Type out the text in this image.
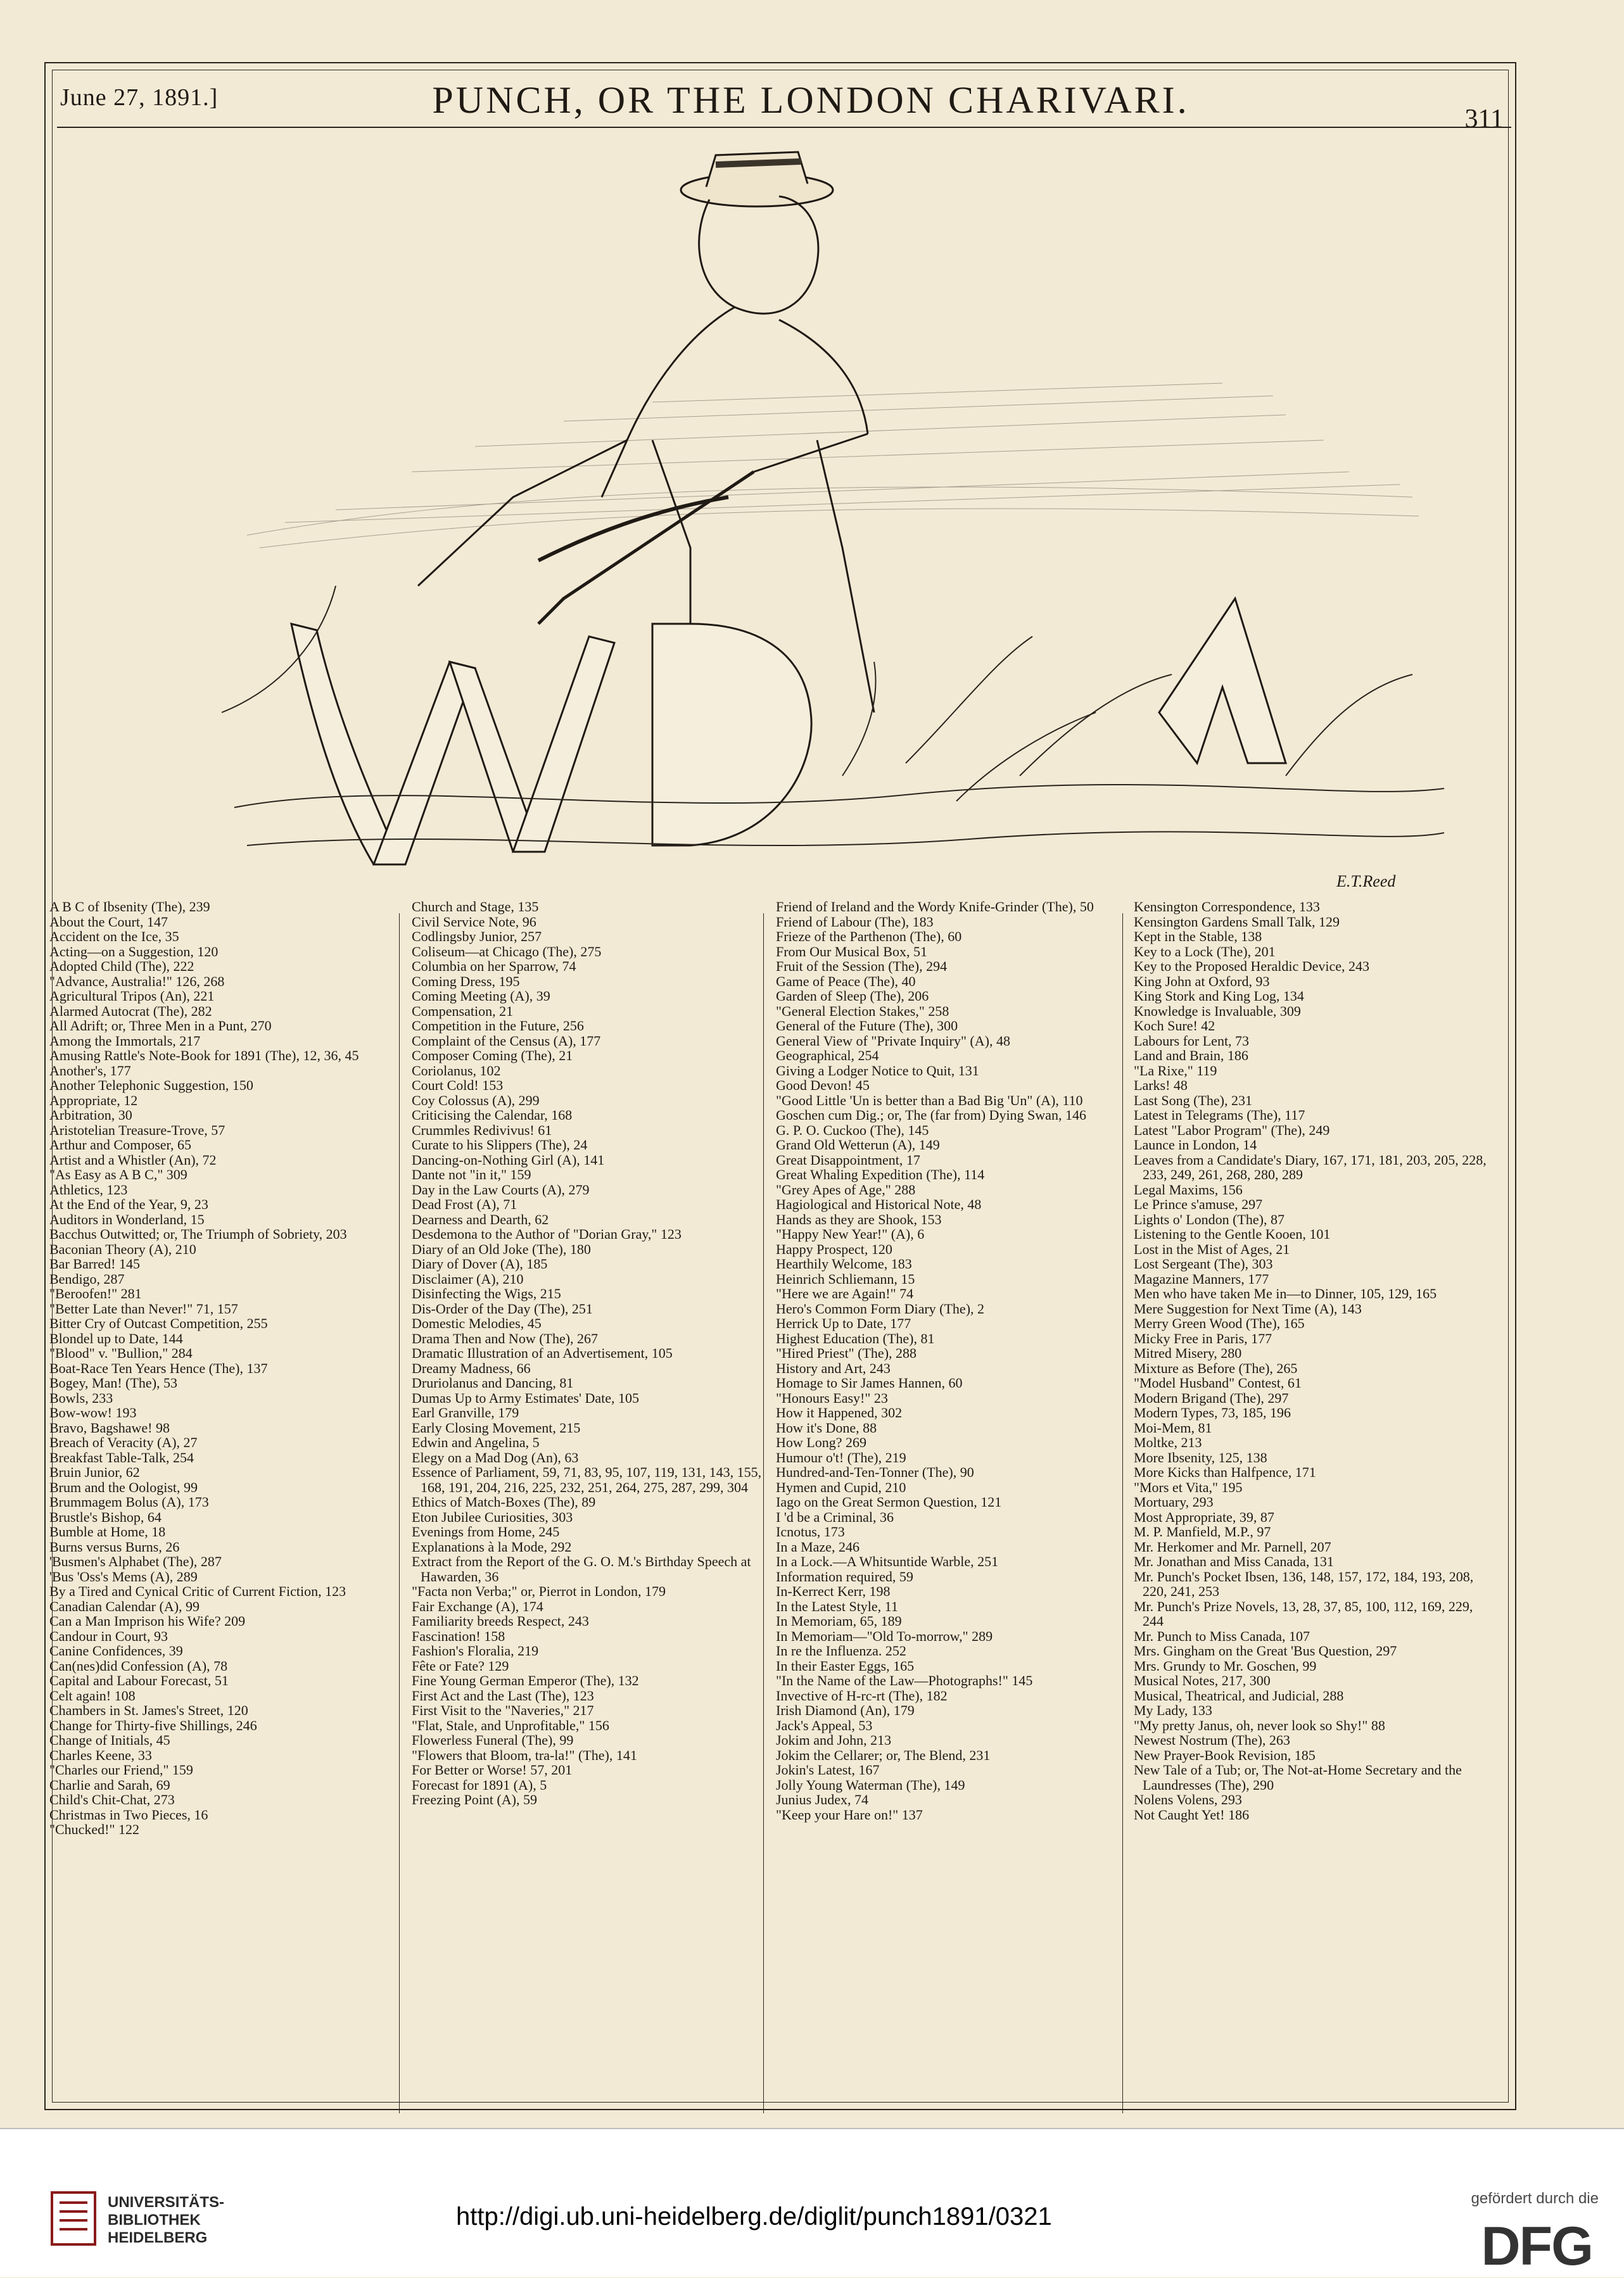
June 27, 1891.]	PUNCH, OR THE LONDON CHARIVARI.	311
E.T.Reed
A B C of Ibsenity (The), 239
About the Court, 147
Accident on the Ice, 35
Acting—on a Suggestion, 120
Adopted Child (The), 222
"Advance, Australia!" 126, 268
Agricultural Tripos (An), 221
Alarmed Autocrat (The), 282
All Adrift; or, Three Men in a Punt, 270
Among the Immortals, 217
Amusing Rattle's Note-Book for 1891 (The), 12, 36, 45
Another's, 177
Another Telephonic Suggestion, 150
Appropriate, 12
Arbitration, 30
Aristotelian Treasure-Trove, 57
Arthur and Composer, 65
Artist and a Whistler (An), 72
"As Easy as A B C," 309
Athletics, 123
At the End of the Year, 9, 23
Auditors in Wonderland, 15
Bacchus Outwitted; or, The Triumph of Sobriety, 203
Baconian Theory (A), 210
Bar Barred! 145
Bendigo, 287
"Beroofen!" 281
"Better Late than Never!" 71, 157
Bitter Cry of Outcast Competition, 255
Blondel up to Date, 144
"Blood" v. "Bullion," 284
Boat-Race Ten Years Hence (The), 137
Bogey, Man! (The), 53
Bowls, 233
Bow-wow! 193
Bravo, Bagshawe! 98
Breach of Veracity (A), 27
Breakfast Table-Talk, 254
Bruin Junior, 62
Brum and the Oologist, 99
Brummagem Bolus (A), 173
Brustle's Bishop, 64
Bumble at Home, 18
Burns versus Burns, 26
'Busmen's Alphabet (The), 287
'Bus 'Oss's Mems (A), 289
By a Tired and Cynical Critic of Current Fiction, 123
Canadian Calendar (A), 99
Can a Man Imprison his Wife? 209
Candour in Court, 93
Canine Confidences, 39
Can(nes)did Confession (A), 78
Capital and Labour Forecast, 51
Celt again! 108
Chambers in St. James's Street, 120
Change for Thirty-five Shillings, 246
Change of Initials, 45
Charles Keene, 33
"Charles our Friend," 159
Charlie and Sarah, 69
Child's Chit-Chat, 273
Christmas in Two Pieces, 16
"Chucked!" 122
Church and Stage, 135
Civil Service Note, 96
Codlingsby Junior, 257
Coliseum—at Chicago (The), 275
Columbia on her Sparrow, 74
Coming Dress, 195
Coming Meeting (A), 39
Compensation, 21
Competition in the Future, 256
Complaint of the Census (A), 177
Composer Coming (The), 21
Coriolanus, 102
Court Cold! 153
Coy Colossus (A), 299
Criticising the Calendar, 168
Crummles Redivivus! 61
Curate to his Slippers (The), 24
Dancing-on-Nothing Girl (A), 141
Dante not "in it," 159
Day in the Law Courts (A), 279
Dead Frost (A), 71
Dearness and Dearth, 62
Desdemona to the Author of "Dorian Gray," 123
Diary of an Old Joke (The), 180
Diary of Dover (A), 185
Disclaimer (A), 210
Disinfecting the Wigs, 215
Dis-Order of the Day (The), 251
Domestic Melodies, 45
Drama Then and Now (The), 267
Dramatic Illustration of an Advertisement, 105
Dreamy Madness, 66
Druriolanus and Dancing, 81
Dumas Up to Army Estimates' Date, 105
Earl Granville, 179
Early Closing Movement, 215
Edwin and Angelina, 5
Elegy on a Mad Dog (An), 63
Essence of Parliament, 59, 71, 83, 95, 107, 119, 131, 143, 155, 168, 191, 204, 216, 225, 232, 251, 264, 275, 287, 299, 304
Ethics of Match-Boxes (The), 89
Eton Jubilee Curiosities, 303
Evenings from Home, 245
Explanations à la Mode, 292
Extract from the Report of the G. O. M.'s Birthday Speech at Hawarden, 36
"Facta non Verba;" or, Pierrot in London, 179
Fair Exchange (A), 174
Familiarity breeds Respect, 243
Fascination! 158
Fashion's Floralia, 219
Fête or Fate? 129
Fine Young German Emperor (The), 132
First Act and the Last (The), 123
First Visit to the "Naveries," 217
"Flat, Stale, and Unprofitable," 156
Flowerless Funeral (The), 99
"Flowers that Bloom, tra-la!" (The), 141
For Better or Worse! 57, 201
Forecast for 1891 (A), 5
Freezing Point (A), 59
Friend of Ireland and the Wordy Knife-Grinder (The), 50
Friend of Labour (The), 183
Frieze of the Parthenon (The), 60
From Our Musical Box, 51
Fruit of the Session (The), 294
Game of Peace (The), 40
Garden of Sleep (The), 206
"General Election Stakes," 258
General of the Future (The), 300
General View of "Private Inquiry" (A), 48
Geographical, 254
Giving a Lodger Notice to Quit, 131
Good Devon! 45
"Good Little 'Un is better than a Bad Big 'Un" (A), 110
Goschen cum Dig.; or, The (far from) Dying Swan, 146
G. P. O. Cuckoo (The), 145
Grand Old Wetterun (A), 149
Great Disappointment, 17
Great Whaling Expedition (The), 114
"Grey Apes of Age," 288
Hagiological and Historical Note, 48
Hands as they are Shook, 153
"Happy New Year!" (A), 6
Happy Prospect, 120
Hearthily Welcome, 183
Heinrich Schliemann, 15
"Here we are Again!" 74
Hero's Common Form Diary (The), 2
Herrick Up to Date, 177
Highest Education (The), 81
"Hired Priest" (The), 288
History and Art, 243
Homage to Sir James Hannen, 60
"Honours Easy!" 23
How it Happened, 302
How it's Done, 88
How Long? 269
Humour o't! (The), 219
Hundred-and-Ten-Tonner (The), 90
Hymen and Cupid, 210
Iago on the Great Sermon Question, 121
I 'd be a Criminal, 36
Icnotus, 173
In a Maze, 246
In a Lock.—A Whitsuntide Warble, 251
Information required, 59
In-Kerrect Kerr, 198
In the Latest Style, 11
In Memoriam, 65, 189
In Memoriam—"Old To-morrow," 289
In re the Influenza. 252
In their Easter Eggs, 165
"In the Name of the Law—Photographs!" 145
Invective of H-rc-rt (The), 182
Irish Diamond (An), 179
Jack's Appeal, 53
Jokim and John, 213
Jokim the Cellarer; or, The Blend, 231
Jokin's Latest, 167
Jolly Young Waterman (The), 149
Junius Judex, 74
"Keep your Hare on!" 137
Kensington Correspondence, 133
Kensington Gardens Small Talk, 129
Kept in the Stable, 138
Key to a Lock (The), 201
Key to the Proposed Heraldic Device, 243
King John at Oxford, 93
King Stork and King Log, 134
Knowledge is Invaluable, 309
Koch Sure! 42
Labours for Lent, 73
Land and Brain, 186
"La Rixe," 119
Larks! 48
Last Song (The), 231
Latest in Telegrams (The), 117
Latest "Labor Program" (The), 249
Launce in London, 14
Leaves from a Candidate's Diary, 167, 171, 181, 203, 205, 228, 233, 249, 261, 268, 280, 289
Legal Maxims, 156
Le Prince s'amuse, 297
Lights o' London (The), 87
Listening to the Gentle Kooen, 101
Lost in the Mist of Ages, 21
Lost Sergeant (The), 303
Magazine Manners, 177
Men who have taken Me in—to Dinner, 105, 129, 165
Mere Suggestion for Next Time (A), 143
Merry Green Wood (The), 165
Micky Free in Paris, 177
Mitred Misery, 280
Mixture as Before (The), 265
"Model Husband" Contest, 61
Modern Brigand (The), 297
Modern Types, 73, 185, 196
Moi-Mem, 81
Moltke, 213
More Ibsenity, 125, 138
More Kicks than Halfpence, 171
"Mors et Vita," 195
Mortuary, 293
Most Appropriate, 39, 87
M. P. Manfield, M.P., 97
Mr. Herkomer and Mr. Parnell, 207
Mr. Jonathan and Miss Canada, 131
Mr. Punch's Pocket Ibsen, 136, 148, 157, 172, 184, 193, 208, 220, 241, 253
Mr. Punch's Prize Novels, 13, 28, 37, 85, 100, 112, 169, 229, 244
Mr. Punch to Miss Canada, 107
Mrs. Gingham on the Great 'Bus Question, 297
Mrs. Grundy to Mr. Goschen, 99
Musical Notes, 217, 300
Musical, Theatrical, and Judicial, 288
My Lady, 133
"My pretty Janus, oh, never look so Shy!" 88
Newest Nostrum (The), 263
New Prayer-Book Revision, 185
New Tale of a Tub; or, The Not-at-Home Secretary and the Laundresses (The), 290
Nolens Volens, 293
Not Caught Yet! 186
UNIVERSITÄTS-
BIBLIOTHEK
HEIDELBERG
http://digi.ub.uni-heidelberg.de/diglit/punch1891/0321
gefördert durch die
DFG
